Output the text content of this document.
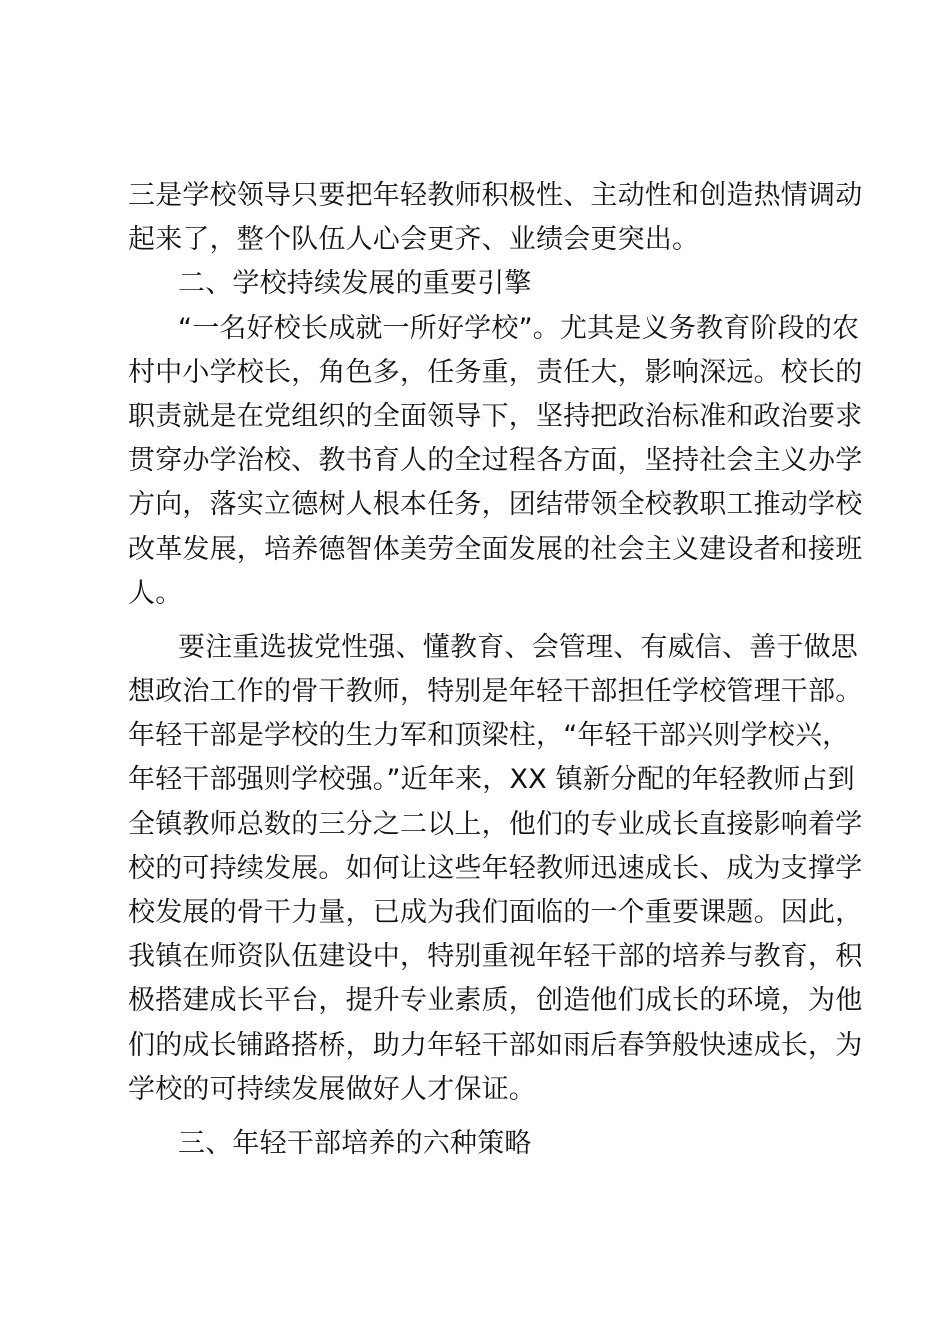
三是学校领导只要把年轻教师积极性、主动性和创造热情调动
起来了，整个队伍人心会更齐、业绩会更突出。

二、学校持续发展的重要引擎

“一名好校长成就一所好学校”。尤其是义务教育阶段的农
村中小学校长，角色多，任务重，责任大，影响深远。校长的
职责就是在党组织的全面领导下，坚持把政治标准和政治要求
贯穿办学治校、教书育人的全过程各方面，坚持社会主义办学
方向，落实立德树人根本任务，团结带领全校教职工推动学校
改革发展，培养德智体美劳全面发展的社会主义建设者和接班
人。

要注重选拔党性强、懂教育、会管理、有威信、善于做思
想政治工作的骨干教师，特别是年轻干部担任学校管理干部。
年轻干部是学校的生力军和顶梁柱，“年轻干部兴则学校兴，
年轻干部强则学校强。”近年来，XX 镇新分配的年轻教师占到
全镇教师总数的三分之二以上，他们的专业成长直接影响着学
校的可持续发展。如何让这些年轻教师迅速成长、成为支撑学
校发展的骨干力量，已成为我们面临的一个重要课题。因此，
我镇在师资队伍建设中，特别重视年轻干部的培养与教育，积
极搭建成长平台，提升专业素质，创造他们成长的环境，为他
们的成长铺路搭桥，助力年轻干部如雨后春笋般快速成长，为
学校的可持续发展做好人才保证。

三、年轻干部培养的六种策略
